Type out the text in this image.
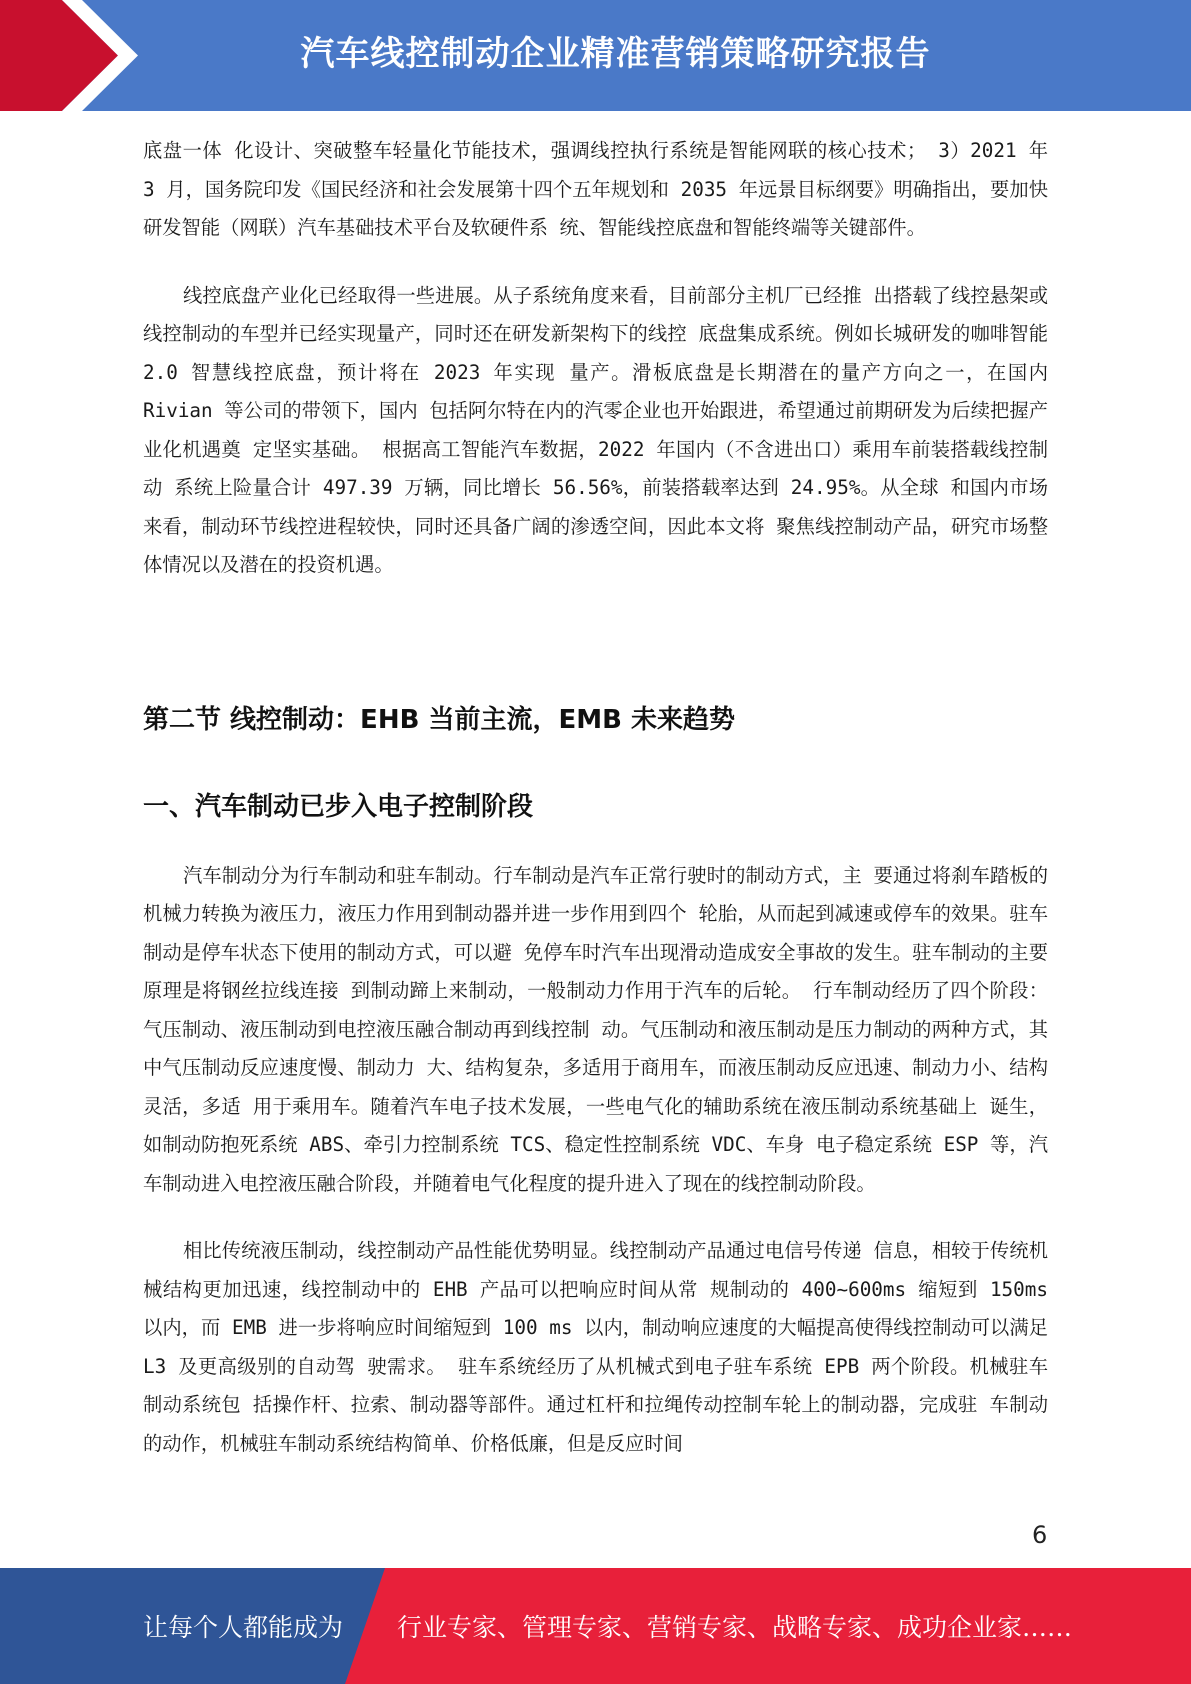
汽车线控制动企业精准营销策略研究报告

底盘一体 化设计、突破整车轻量化节能技术，强调线控执行系统是智能网联的核心技术； 3）2021 年 3 月，国务院印发《国民经济和社会发展第十四个五年规划和 2035 年远景目标纲要》明确指出，要加快研发智能（网联）汽车基础技术平台及软硬件系 统、智能线控底盘和智能终端等关键部件。

线控底盘产业化已经取得一些进展。从子系统角度来看，目前部分主机厂已经推 出搭载了线控悬架或线控制动的车型并已经实现量产，同时还在研发新架构下的线控 底盘集成系统。例如长城研发的咖啡智能 2.0 智慧线控底盘，预计将在 2023 年实现 量产。滑板底盘是长期潜在的量产方向之一，在国内 Rivian 等公司的带领下，国内 包括阿尔特在内的汽零企业也开始跟进，希望通过前期研发为后续把握产业化机遇奠 定坚实基础。 根据高工智能汽车数据，2022 年国内（不含进出口）乘用车前装搭载线控制动 系统上险量合计 497.39 万辆，同比增长 56.56%，前装搭载率达到 24.95%。从全球 和国内市场来看，制动环节线控进程较快，同时还具备广阔的渗透空间，因此本文将 聚焦线控制动产品，研究市场整体情况以及潜在的投资机遇。

第二节 线控制动：EHB 当前主流，EMB 未来趋势
一、汽车制动已步入电子控制阶段

汽车制动分为行车制动和驻车制动。行车制动是汽车正常行驶时的制动方式，主 要通过将刹车踏板的机械力转换为液压力，液压力作用到制动器并进一步作用到四个 轮胎，从而起到减速或停车的效果。驻车制动是停车状态下使用的制动方式，可以避 免停车时汽车出现滑动造成安全事故的发生。驻车制动的主要原理是将钢丝拉线连接 到制动蹄上来制动，一般制动力作用于汽车的后轮。 行车制动经历了四个阶段：气压制动、液压制动到电控液压融合制动再到线控制 动。气压制动和液压制动是压力制动的两种方式，其中气压制动反应速度慢、制动力 大、结构复杂，多适用于商用车，而液压制动反应迅速、制动力小、结构灵活，多适 用于乘用车。随着汽车电子技术发展，一些电气化的辅助系统在液压制动系统基础上 诞生，如制动防抱死系统 ABS、牵引力控制系统 TCS、稳定性控制系统 VDC、车身 电子稳定系统 ESP 等，汽车制动进入电控液压融合阶段，并随着电气化程度的提升进入了现在的线控制动阶段。

相比传统液压制动，线控制动产品性能优势明显。线控制动产品通过电信号传递 信息，相较于传统机械结构更加迅速，线控制动中的 EHB 产品可以把响应时间从常 规制动的 400~600ms 缩短到 150ms 以内，而 EMB 进一步将响应时间缩短到 100 ms 以内，制动响应速度的大幅提高使得线控制动可以满足 L3 及更高级别的自动驾 驶需求。 驻车系统经历了从机械式到电子驻车系统 EPB 两个阶段。机械驻车制动系统包 括操作杆、拉索、制动器等部件。通过杠杆和拉绳传动控制车轮上的制动器，完成驻 车制动的动作，机械驻车制动系统结构简单、价格低廉，但是反应时间

6
让每个人都能成为 行业专家、管理专家、营销专家、战略专家、成功企业家……
